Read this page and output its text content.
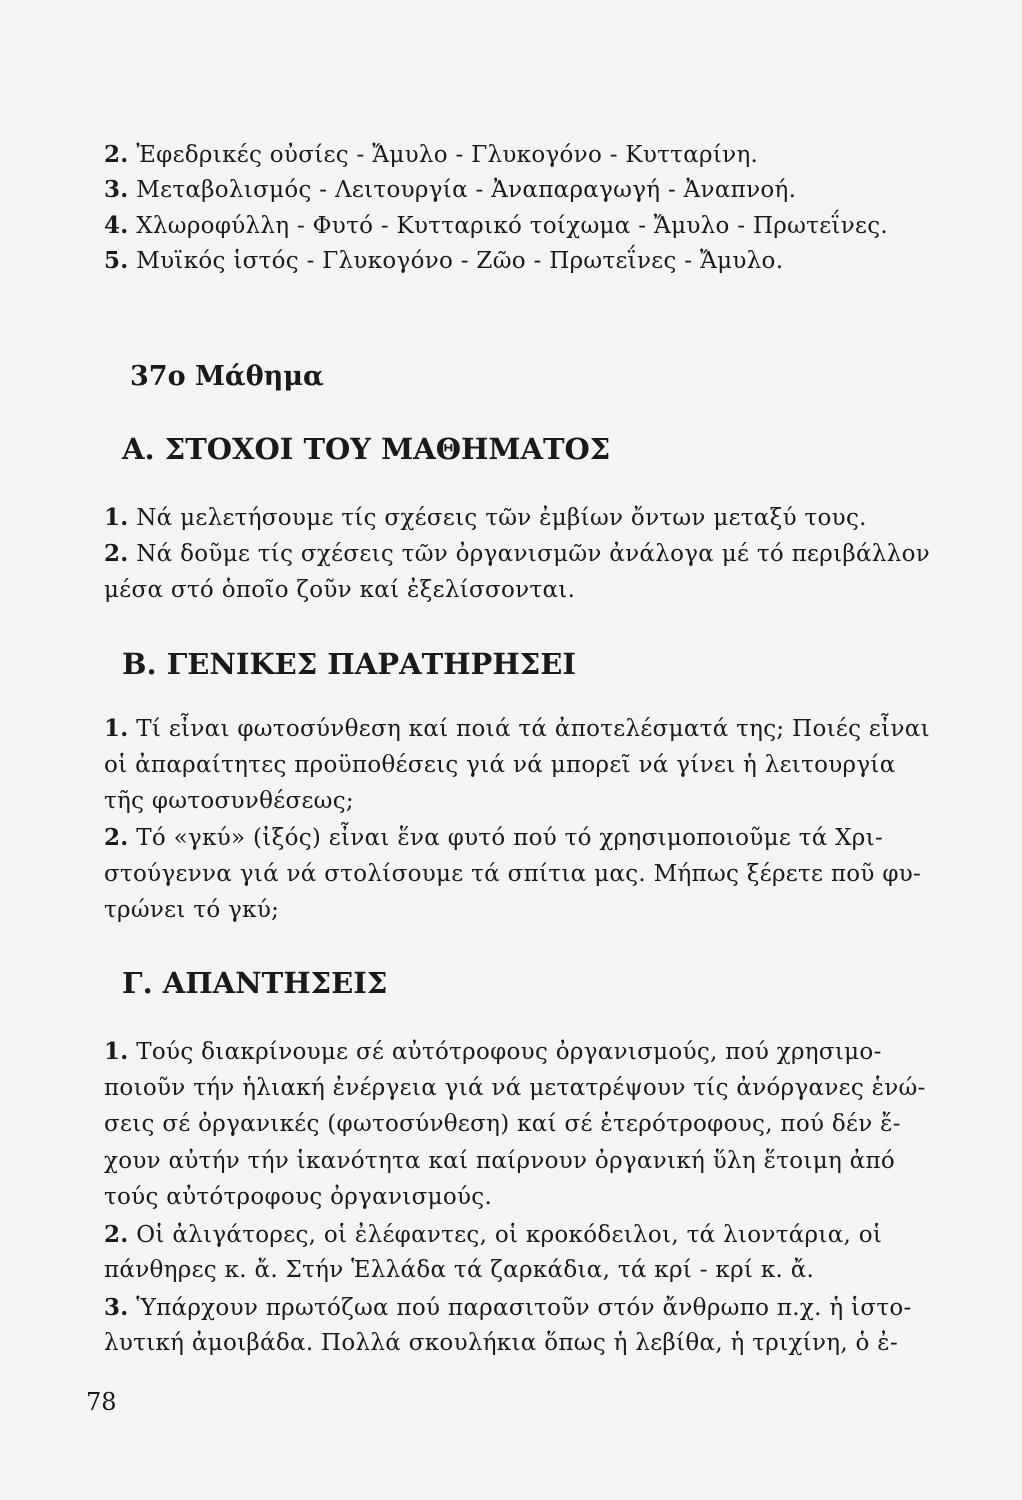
2. Ἐφεδρικές οὐσίες - Ἄμυλο - Γλυκογόνο - Κυτταρίνη.
3. Μεταβολισμός - Λειτουργία - Ἀναπαραγωγή - Ἀναπνοή.
4. Χλωροφύλλη - Φυτό - Κυτταρικό τοίχωμα - Ἄμυλο - Πρωτεΐνες.
5. Μυϊκός ἱστός - Γλυκογόνο - Ζῶο - Πρωτεΐνες - Ἄμυλο.
37ο Μάθημα
Α. ΣΤΟΧΟΙ ΤΟΥ ΜΑΘΗΜΑΤΟΣ
1. Νά μελετήσουμε τίς σχέσεις τῶν ἐμβίων ὄντων μεταξύ τους.
2. Νά δοῦμε τίς σχέσεις τῶν ὀργανισμῶν ἀνάλογα μέ τό περιβάλλον
μέσα στό ὁποῖο ζοῦν καί ἐξελίσσονται.
Β. ΓΕΝΙΚΕΣ ΠΑΡΑΤΗΡΗΣΕΙ
1. Τί εἶναι φωτοσύνθεση καί ποιά τά ἀποτελέσματά της; Ποιές εἶναι
οἱ ἀπαραίτητες προϋποθέσεις γιά νά μπορεῖ νά γίνει ἡ λειτουργία
τῆς φωτοσυνθέσεως;
2. Τό «γκύ» (ἰξός) εἶναι ἕνα φυτό πού τό χρησιμοποιοῦμε τά Χρι-
στούγεννα γιά νά στολίσουμε τά σπίτια μας. Μήπως ξέρετε ποῦ φυ-
τρώνει τό γκύ;
Γ. ΑΠΑΝΤΗΣΕΙΣ
1. Τούς διακρίνουμε σέ αὐτότροφους ὀργανισμούς, πού χρησιμο-
ποιοῦν τήν ἡλιακή ἐνέργεια γιά νά μετατρέψουν τίς ἀνόργανες ἑνώ-
σεις σέ ὀργανικές (φωτοσύνθεση) καί σέ ἑτερότροφους, πού δέν ἔ-
χουν αὐτήν τήν ἱκανότητα καί παίρνουν ὀργανική ὕλη ἕτοιμη ἀπό
τούς αὐτότροφους ὀργανισμούς.
2. Οἱ ἀλιγάτορες, οἱ ἐλέφαντες, οἱ κροκόδειλοι, τά λιοντάρια, οἱ
πάνθηρες κ. ἄ. Στήν Ἑλλάδα τά ζαρκάδια, τά κρί - κρί κ. ἄ.
3. Ὑπάρχουν πρωτόζωα πού παρασιτοῦν στόν ἄνθρωπο π.χ. ἡ ἱστο-
λυτική ἀμοιβάδα. Πολλά σκουλήκια ὅπως ἡ λεβίθα, ἡ τριχίνη, ὁ ἐ-
78
